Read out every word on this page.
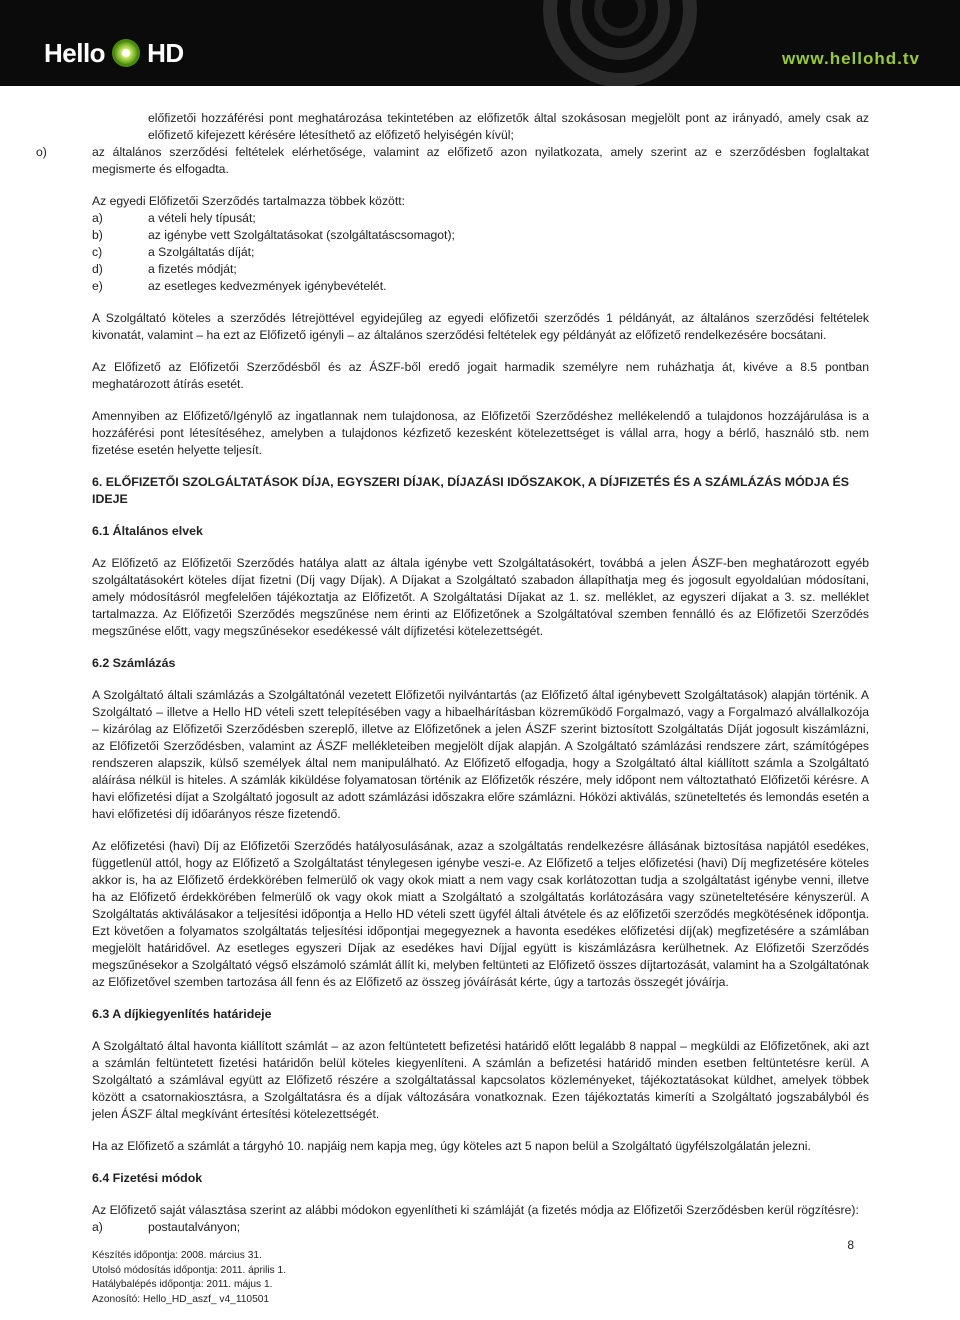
Hello HD	www.hellohd.tv

előfizetői hozzáférési pont meghatározása tekintetében az előfizetők által szokásosan megjelölt pont az irányadó, amely csak az előfizető kifejezett kérésére létesíthető az előfizető helyiségén kívül;

o)	az általános szerződési feltételek elérhetősége, valamint az előfizető azon nyilatkozata, amely szerint az e szerződésben foglaltakat megismerte és elfogadta.

Az egyedi Előfizetői Szerződés tartalmazza többek között:

a)	a vételi hely típusát;
b)	az igénybe vett Szolgáltatásokat (szolgáltatáscsomagot);
c)	a Szolgáltatás díját;
d)	a fizetés módját;
e)	az esetleges kedvezmények igénybevételét.

A Szolgáltató köteles a szerződés létrejöttével egyidejűleg az egyedi előfizetői szerződés 1 példányát, az általános szerződési feltételek kivonatát, valamint – ha ezt az Előfizető igényli – az általános szerződési feltételek egy példányát az előfizető rendelkezésére bocsátani.

Az Előfizető az Előfizetői Szerződésből és az ÁSZF-ből eredő jogait harmadik személyre nem ruházhatja át, kivéve a 8.5 pontban meghatározott átírás esetét.

Amennyiben az Előfizető/Igénylő az ingatlannak nem tulajdonosa, az Előfizetői Szerződéshez mellékelendő a tulajdonos hozzájárulása is a hozzáférési pont létesítéséhez, amelyben a tulajdonos kézfizető kezesként kötelezettséget is vállal arra, hogy a bérlő, használó stb. nem fizetése esetén helyette teljesít.

6. ELŐFIZETŐI SZOLGÁLTATÁSOK DÍJA, EGYSZERI DÍJAK, DÍJAZÁSI IDŐSZAKOK, A DÍJFIZETÉS ÉS A SZÁMLÁZÁS MÓDJA ÉS IDEJE
6.1 Általános elvek

Az Előfizető az Előfizetői Szerződés hatálya alatt az általa igénybe vett Szolgáltatásokért, továbbá a jelen ÁSZF-ben meghatározott egyéb szolgáltatásokért köteles díjat fizetni (Díj vagy Díjak). A Díjakat a Szolgáltató szabadon állapíthatja meg és jogosult egyoldalúan módosítani, amely módosításról megfelelően tájékoztatja az Előfizetőt. A Szolgáltatási Díjakat az 1. sz. melléklet, az egyszeri díjakat a 3. sz. melléklet tartalmazza. Az Előfizetői Szerződés megszűnése nem érinti az Előfizetőnek a Szolgáltatóval szemben fennálló és az Előfizetői Szerződés megszűnése előtt, vagy megszűnésekor esedékessé vált díjfizetési kötelezettségét.

6.2 Számlázás

A Szolgáltató általi számlázás a Szolgáltatónál vezetett Előfizetői nyilvántartás (az Előfizető által igénybevett Szolgáltatások) alapján történik. A Szolgáltató – illetve a Hello HD vételi szett telepítésében vagy a hibaelhárításban közreműködő Forgalmazó, vagy a Forgalmazó alvállalkozója – kizárólag az Előfizetői Szerződésben szereplő, illetve az Előfizetőnek a jelen ÁSZF szerint biztosított Szolgáltatás Díját jogosult kiszámlázni, az Előfizetői Szerződésben, valamint az ÁSZF mellékleteiben megjelölt díjak alapján. A Szolgáltató számlázási rendszere zárt, számítógépes rendszeren alapszik, külső személyek által nem manipulálható. Az Előfizető elfogadja, hogy a Szolgáltató által kiállított számla a Szolgáltató aláírása nélkül is hiteles. A számlák kiküldése folyamatosan történik az Előfizetők részére, mely időpont nem változtatható Előfizetői kérésre. A havi előfizetési díjat a Szolgáltató jogosult az adott számlázási időszakra előre számlázni. Hóközi aktiválás, szüneteltetés és lemondás esetén a havi előfizetési díj időarányos része fizetendő.

Az előfizetési (havi) Díj az Előfizetői Szerződés hatályosulásának, azaz a szolgáltatás rendelkezésre állásának biztosítása napjától esedékes, függetlenül attól, hogy az Előfizető a Szolgáltatást ténylegesen igénybe veszi-e. Az Előfizető a teljes előfizetési (havi) Díj megfizetésére köteles akkor is, ha az Előfizető érdekkörében felmerülő ok vagy okok miatt a nem vagy csak korlátozottan tudja a szolgáltatást igénybe venni, illetve ha az Előfizető érdekkörében felmerülő ok vagy okok miatt a Szolgáltató a szolgáltatás korlátozására vagy szüneteltetésére kényszerül. A Szolgáltatás aktiválásakor a teljesítési időpontja a Hello HD vételi szett ügyfél általi átvétele és az előfizetői szerződés megkötésének időpontja. Ezt követően a folyamatos szolgáltatás teljesítési időpontjai megegyeznek a havonta esedékes előfizetési díj(ak) megfizetésére a számlában megjelölt határidővel. Az esetleges egyszeri Díjak az esedékes havi Díjjal együtt is kiszámlázásra kerülhetnek. Az Előfizetői Szerződés megszűnésekor a Szolgáltató végső elszámoló számlát állít ki, melyben feltünteti az Előfizető összes díjtartozását, valamint ha a Szolgáltatónak az Előfizetővel szemben tartozása áll fenn és az Előfizető az összeg jóváírását kérte, úgy a tartozás összegét jóváírja.

6.3 A díjkiegyenlítés határideje

A Szolgáltató által havonta kiállított számlát – az azon feltüntetett befizetési határidő előtt legalább 8 nappal – megküldi az Előfizetőnek, aki azt a számlán feltüntetett fizetési határidőn belül köteles kiegyenlíteni. A számlán a befizetési határidő minden esetben feltüntetésre kerül. A Szolgáltató a számlával együtt az Előfizető részére a szolgáltatással kapcsolatos közleményeket, tájékoztatásokat küldhet, amelyek többek között a csatornakiosztásra, a Szolgáltatásra és a díjak változására vonatkoznak. Ezen tájékoztatás kimeríti a Szolgáltató jogszabályból és jelen ÁSZF által megkívánt értesítési kötelezettségét.

Ha az Előfizető a számlát a tárgyhó 10. napjáig nem kapja meg, úgy köteles azt 5 napon belül a Szolgáltató ügyfélszolgálatán jelezni.

6.4 Fizetési módok

Az Előfizető saját választása szerint az alábbi módokon egyenlítheti ki számláját (a fizetés módja az Előfizetői Szerződésben kerül rögzítésre):

a)	postautalványon;
Készítés időpontja: 2008. március 31.
Utolsó módosítás időpontja: 2011. április 1.
Hatálybalépés időpontja: 2011. május 1.
Azonosító: Hello_HD_aszf_ v4_110501
8
